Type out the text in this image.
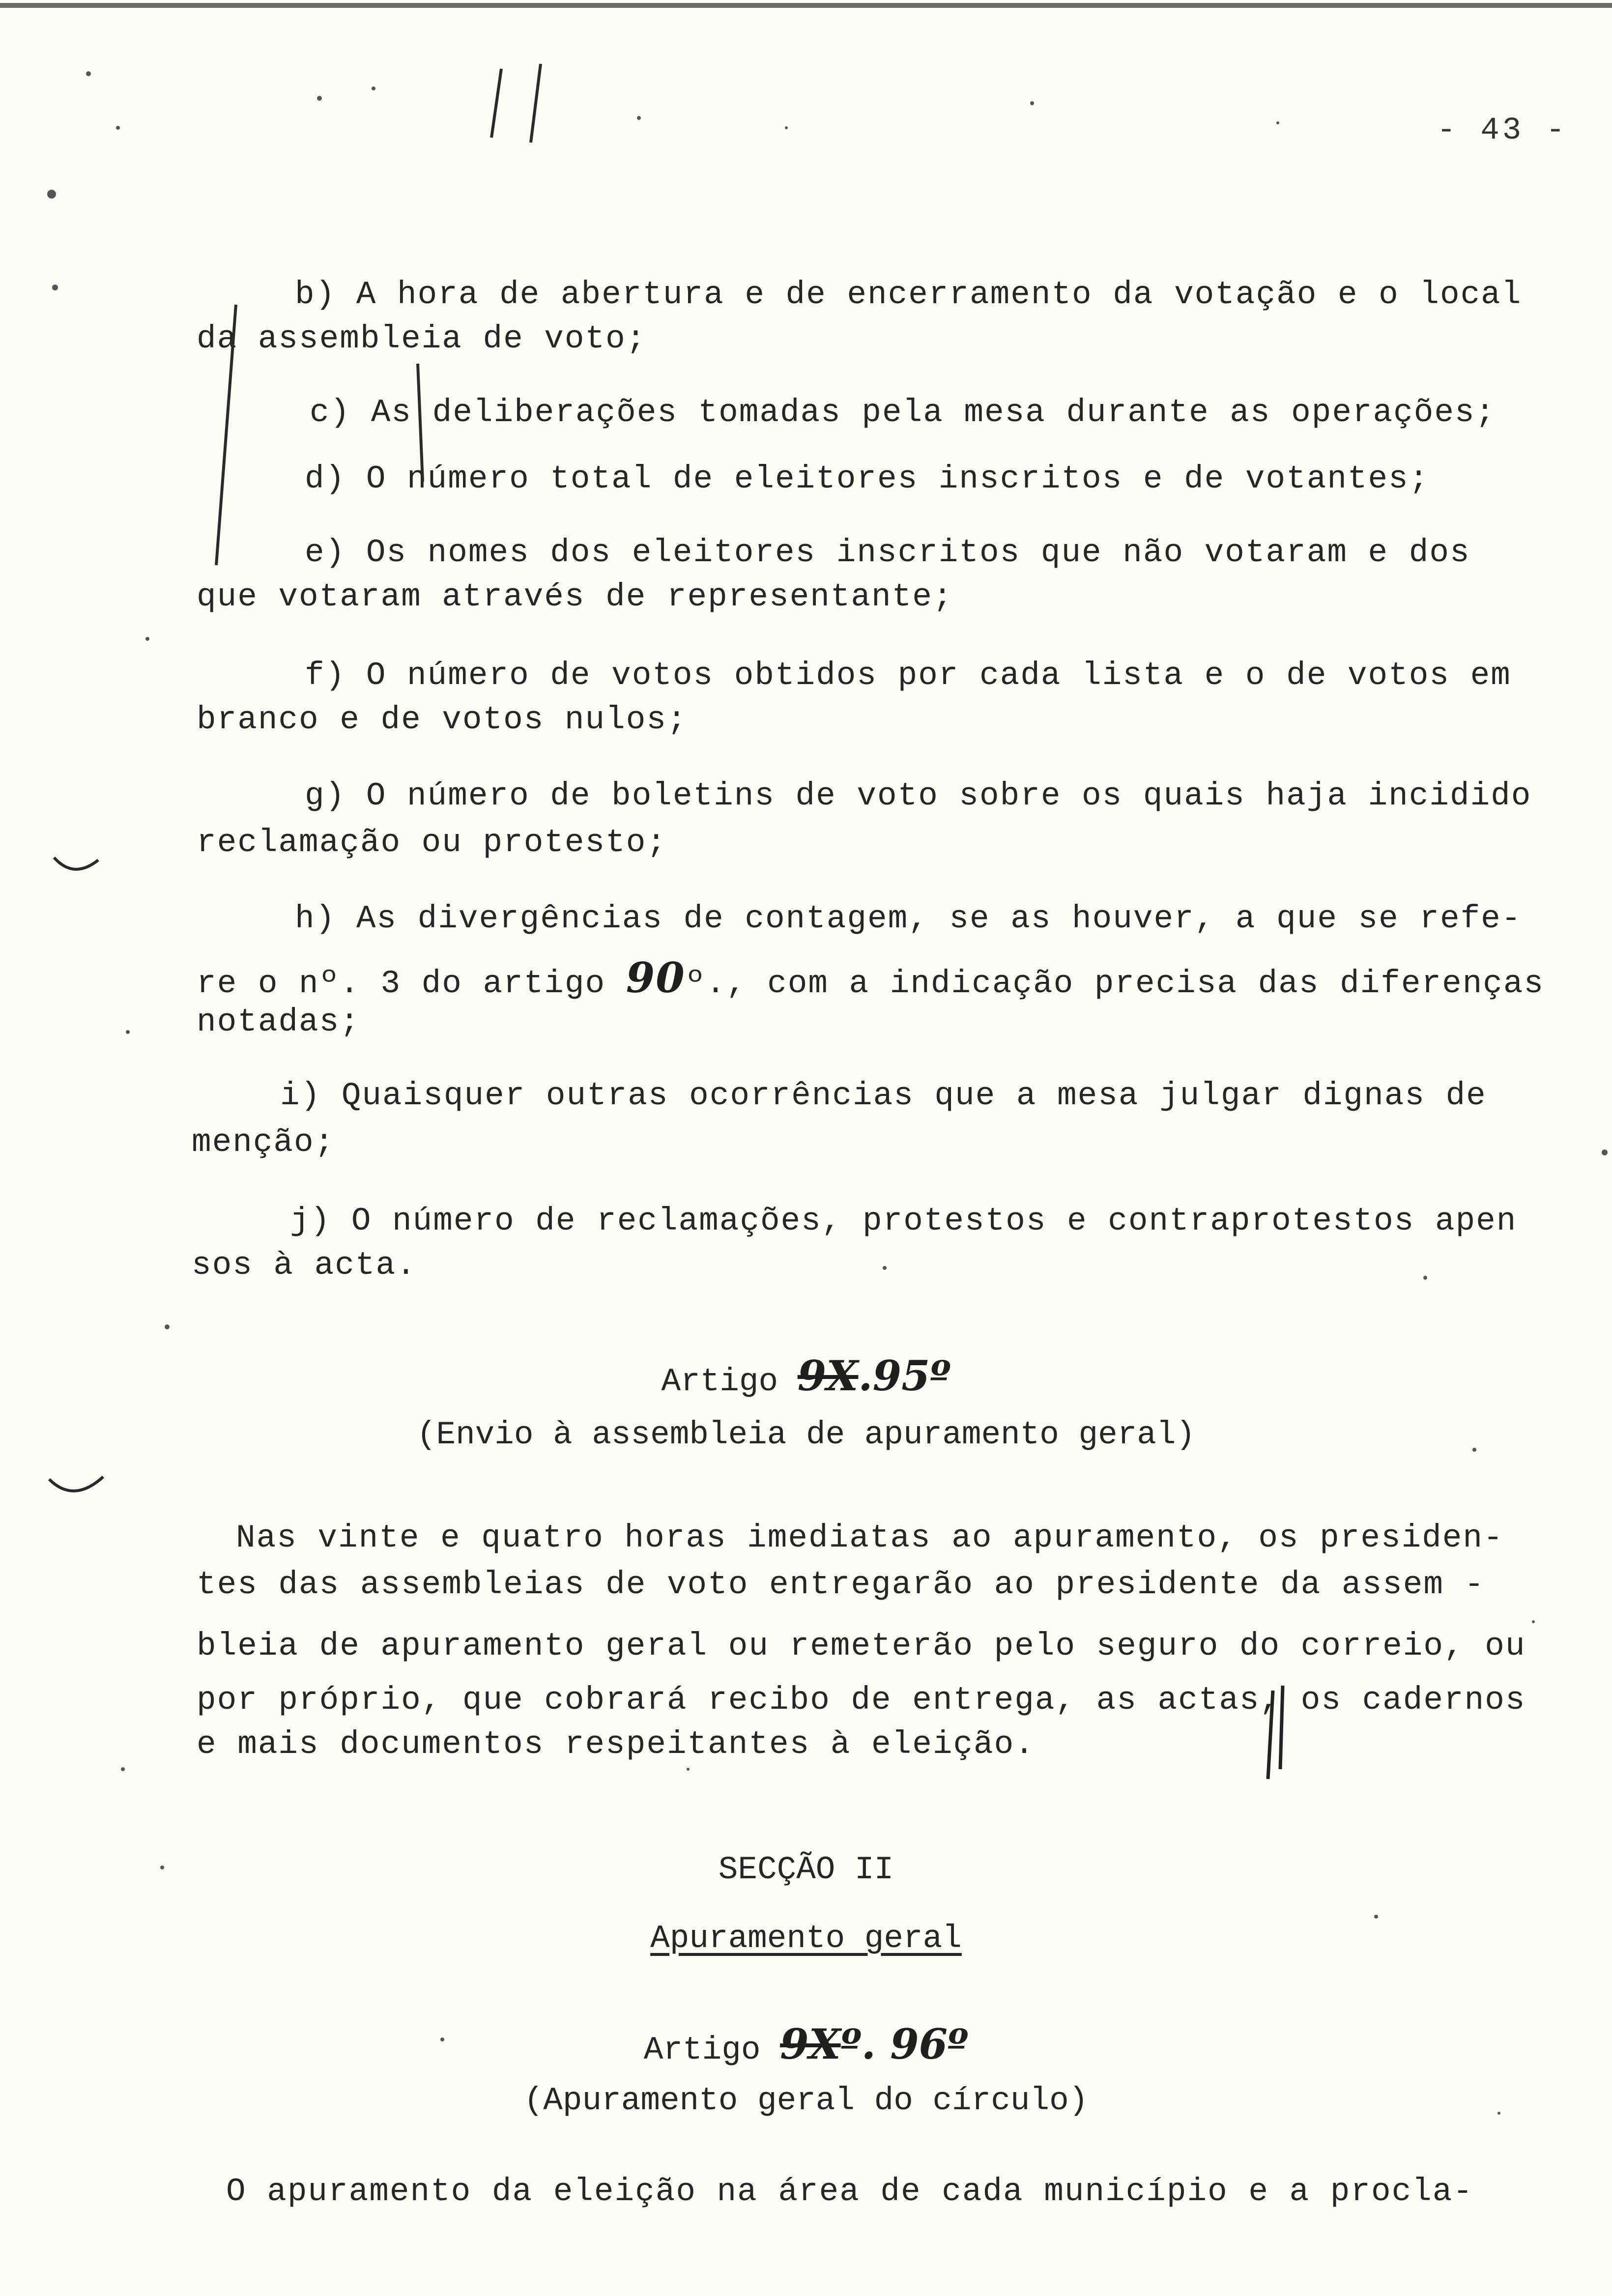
- 43 -
b) A hora de abertura e de encerramento da votação e o local
da assembleia de voto;
c) As deliberações tomadas pela mesa durante as operações;
d) O número total de eleitores inscritos e de votantes;
e) Os nomes dos eleitores inscritos que não votaram e dos
que votaram através de representante;
f) O número de votos obtidos por cada lista e o de votos em
branco e de votos nulos;
g) O número de boletins de voto sobre os quais haja incidido
reclamação ou protesto;
h) As divergências de contagem, se as houver, a que se refe-
re o nº. 3 do artigo 90º., com a indicação precisa das diferenças
notadas;
i) Quaisquer outras ocorrências que a mesa julgar dignas de
menção;
j) O número de reclamações, protestos e contraprotestos apen
sos à acta.
Artigo 9X.95º
(Envio à assembleia de apuramento geral)
Nas vinte e quatro horas imediatas ao apuramento, os presiden-
tes das assembleias de voto entregarão ao presidente da assem -
bleia de apuramento geral ou remeterão pelo seguro do correio, ou
por próprio, que cobrará recibo de entrega, as actas, os cadernos
e mais documentos respeitantes à eleição.
SECÇÃO II
Apuramento geral
Artigo 9Xº. 96º
(Apuramento geral do círculo)
O apuramento da eleição na área de cada município e a procla-
